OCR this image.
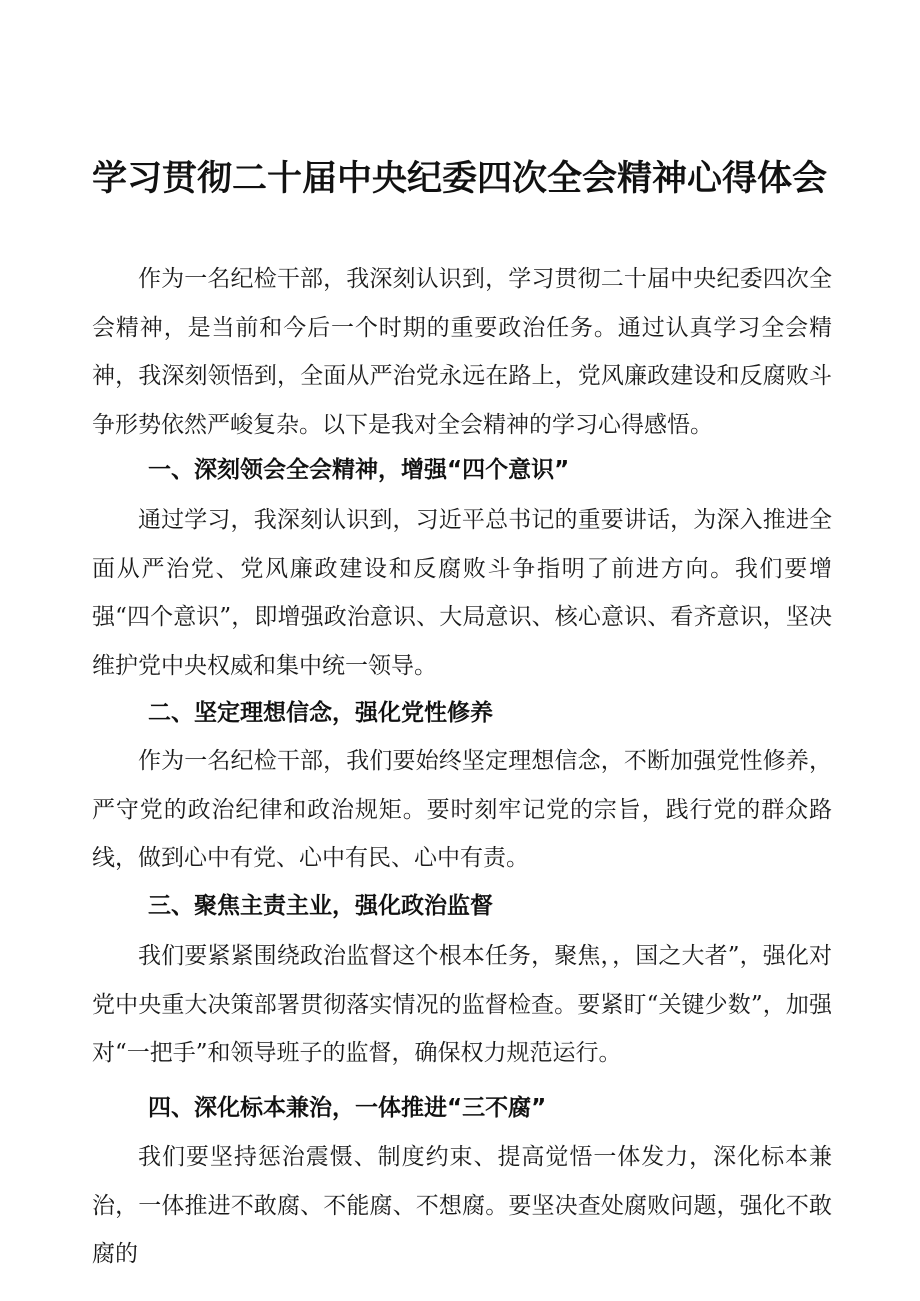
学习贯彻二十届中央纪委四次全会精神心得体会

作为一名纪检干部，我深刻认识到，学习贯彻二十届中央纪委四次全会精神，是当前和今后一个时期的重要政治任务。通过认真学习全会精神，我深刻领悟到，全面从严治党永远在路上，党风廉政建设和反腐败斗争形势依然严峻复杂。以下是我对全会精神的学习心得感悟。

一、深刻领会全会精神，增强“四个意识”

通过学习，我深刻认识到，习近平总书记的重要讲话，为深入推进全面从严治党、党风廉政建设和反腐败斗争指明了前进方向。我们要增强“四个意识”，即增强政治意识、大局意识、核心意识、看齐意识，坚决维护党中央权威和集中统一领导。

二、坚定理想信念，强化党性修养

作为一名纪检干部，我们要始终坚定理想信念，不断加强党性修养，严守党的政治纪律和政治规矩。要时刻牢记党的宗旨，践行党的群众路线，做到心中有党、心中有民、心中有责。

三、聚焦主责主业，强化政治监督

我们要紧紧围绕政治监督这个根本任务，聚焦，，国之大者”，强化对党中央重大决策部署贯彻落实情况的监督检查。要紧盯“关键少数”，加强对“一把手”和领导班子的监督，确保权力规范运行。

四、深化标本兼治，一体推进“三不腐”

我们要坚持惩治震慑、制度约束、提高觉悟一体发力，深化标本兼治，一体推进不敢腐、不能腐、不想腐。要坚决查处腐败问题，强化不敢腐的
